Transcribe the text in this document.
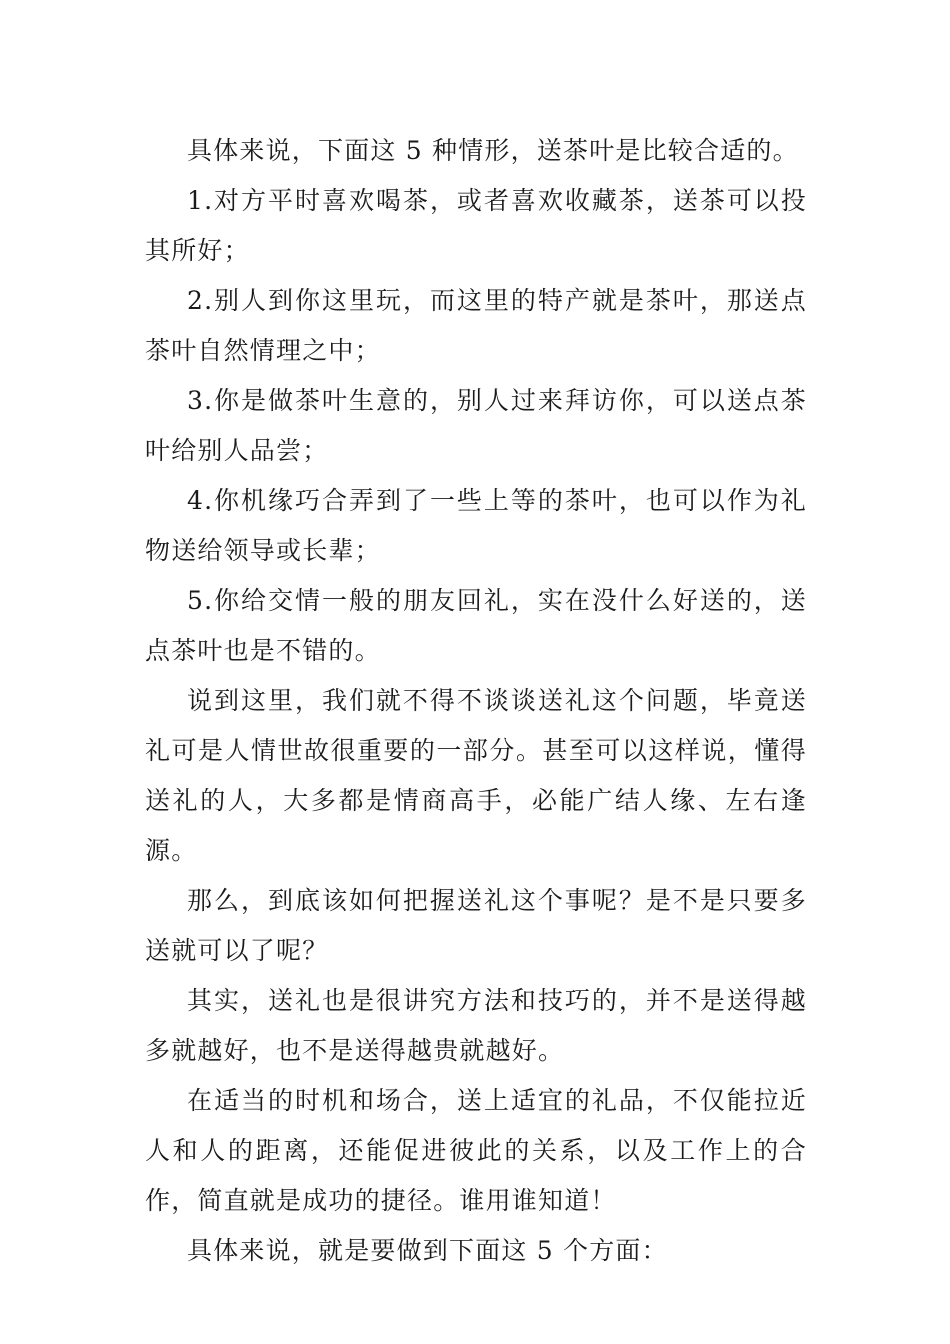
具体来说，下面这 5 种情形，送茶叶是比较合适的。

1.对方平时喜欢喝茶，或者喜欢收藏茶，送茶可以投其所好；

2.别人到你这里玩，而这里的特产就是茶叶，那送点茶叶自然情理之中；

3.你是做茶叶生意的，别人过来拜访你，可以送点茶叶给别人品尝；

4.你机缘巧合弄到了一些上等的茶叶，也可以作为礼物送给领导或长辈；

5.你给交情一般的朋友回礼，实在没什么好送的，送点茶叶也是不错的。

说到这里，我们就不得不谈谈送礼这个问题，毕竟送礼可是人情世故很重要的一部分。甚至可以这样说，懂得送礼的人，大多都是情商高手，必能广结人缘、左右逢源。

那么，到底该如何把握送礼这个事呢？是不是只要多送就可以了呢？

其实，送礼也是很讲究方法和技巧的，并不是送得越多就越好，也不是送得越贵就越好。

在适当的时机和场合，送上适宜的礼品，不仅能拉近人和人的距离，还能促进彼此的关系，以及工作上的合作，简直就是成功的捷径。谁用谁知道！

具体来说，就是要做到下面这 5 个方面：
